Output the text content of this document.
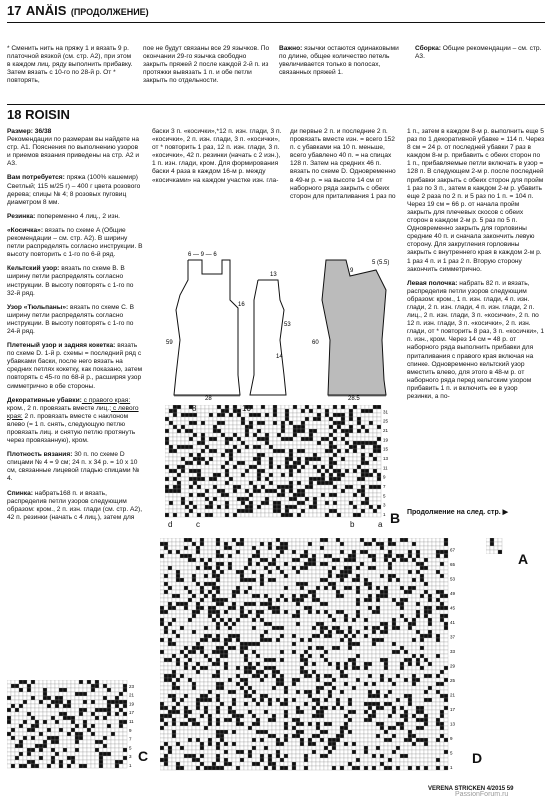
17 ANÄIS (ПРОДОЛЖЕНИЕ)
* Сменить нить на пряжу 1 и вязать 9 р. платочной вязкой (см. стр. A2), при этом в каждом лиц. ряду выполнить прибавку. Затем вязать с 10-го по 28-й р. От * повторять,
пое не будут связаны все 29 язычков. По окончании 29-го язычка свободно закрыть пряжей 2 после каждой 2-й п. из протяжки вывязать 1 п. и обе петли закрыть по отдельности.
Важно: язычки остаются одинаковыми по длине, общее количество петель увеличивается только в полосах, связанных пряжей 1.
Сборка: Общие рекомендации – см. стр. A3.
18 ROISIN

Размер: 36/38
Рекомендации по размерам вы найдете на стр. A1. Пояснения по выполнению узоров и приемов вязания приведены на стр. A2 и A3.

Вам потребуется: пряжа (100% кашемир) Светлый; 115 м/25 г) – 400 г цвета розового дерева; спицы № 4; 8 розовых пуговиц диаметром 8 мм.

Резинка: попеременно 4 лиц., 2 изн.

«Косичка»: вязать по схеме A (Общие рекомендации – см. стр. A2). В ширину петли распределять согласно инструкции. В высоту повторить с 1-го по 6-й ряд.

Кельтский узор: вязать по схеме B. В ширину петли распределять согласно инструкции. В высоту повторять с 1-го по 32-й ряд.

Узор «Тюльпаны»: вязать по схеме C. В ширину петли распределять согласно инструкции. В высоту повторять с 1-го по 24-й ряд.

Плетеный узор и задняя кокетка: вязать по схеме D. 1-й р. схемы = последний ряд с убавками баски, после него вязать на средних петлях кокетку, как показано, затем повторять с 45-го по 68-й р., расширяя узор симметрично в обе стороны.

Декоративные убавки: с правого края: кром., 2 п. провязать вместе лиц.; с левого края: 2 п. провязать вместе с наклоном влево (= 1 п. снять, следующую петлю провязать лиц. и снятую петлю протянуть через провязанную), кром.

Плотность вязания: 30 п. по схеме D спицами № 4 = 9 см; 24 п. x 34 р. = 10 x 10 см, связанные лицевой гладью спицами № 4.

Спинка: набрать168 п. и вязать, распределив петли узоров следующим образом: кром., 2 п. изн. глади (см. стр. A2), 42 п. резинки (начать с 4 лиц.), затем для

баски 3 п. «косички»,*12 п. изн. глади, 3 п. «косички», 2 п. изн. глади, 3 п. «косички», от * повторить 1 раз, 12 п. изн. глади, 3 п. «косички», 42 п. резинки (начать с 2 изн.), 1 п. изн. глади, кром. Для формирования баски 4 раза в каждом 16-м р. между «косичками» на каждом участке изн. гла-
ди первые 2 п. и последние 2 п. провязать вместе изн. = всего 152 п. с убавками на 10 п. меньше, всего убавлено 40 п. = на спицах 128 п. Затем на средних 46 п. вязать по схеме D. Одновременно в 49-м р. = на высоте 14 см от наборного ряда закрыть с обеих сторон для приталивания 1 раз по

1 п., затем в каждом 8-м р. выполнить еще 5 раз по 1 декоративной убавке = 114 п. Через 8 см = 24 р. от последней убавки 7 раз в каждом 8-м р. прибавить с обеих сторон по 1 п., прибавляемые петли включать в узор = 128 п. В следующем 2-м р. после последней прибавки закрыть с обеих сторон для пройм 1 раз по 3 п., затем в каждом 2-м р. убавить еще 2 раза по 2 п. и 5 раз по 1 п. = 104 п. Через 19 см = 66 р. от начала пройм закрыть для плечевых скосов с обеих сторон в каждом 2-м р. 5 раз по 5 п. Одновременно закрыть для горловины средние 40 п. и сначала закончить левую сторону. Для закругления горловины закрыть с внутреннего края в каждом 2-м р. 1 раз 4 п. и 1 раз 2 п. Вторую сторону закончить симметрично.

Левая полочка: набрать 82 п. и вязать, распределив петли узоров следующим образом: кром., 1 п. изн. глади, 4 п. изн. глади, 2 п. изн. глади, 4 п. изн. глади, 2 п. лиц., 2 п. изн. глади, 3 п. «косички», 2 п. по 12 п. изн. глади, 3 п. «косички», 2 п. изн. глади, от * повторить 8 раз, 3 п. «косички», 1 п. изн., кром. Через 14 см = 48 р. от наборного ряда выполнить прибавки для приталивания с правого края включая на спинке. Одновременно кельтский узор вместить влево, для этого в 48-м р. от наборного ряда перед кельтским узором прибавить 1 п. и включить ее в узор резинки, а по-

Продолжение на след. стр. ▶
6 — 9 — 6
16
59	60
28	28.5
9
5 (5.5)
13
14
53
1
3
5
7
9
11
13
15
19
21
25
31
B
8	10
d	c	b	a
A
1
3
5
7
9
11
17
19
21
23
C
1
5
9
13
17
21
25
29
33
37
41
45
49
53
65
67
D
VERENA STRICKEN 4/2015 59
PassionForum.ru
